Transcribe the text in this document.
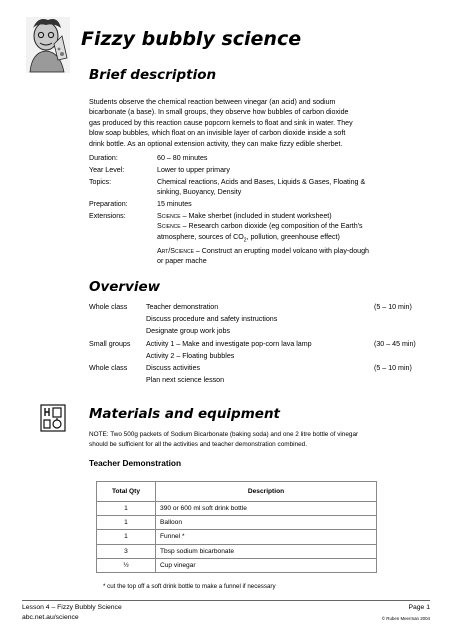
Fizzy bubbly science
Brief description
Students observe the chemical reaction between vinegar (an acid) and sodium
bicarbonate (a base). In small groups, they observe how bubbles of carbon dioxide
gas produced by this reaction cause popcorn kernels to float and sink in water. They
blow soap bubbles, which float on an invisible layer of carbon dioxide inside a soft
drink bottle. As an optional extension activity, they can make fizzy edible sherbet.
Duration:	60 – 80 minutes
Year Level:	Lower to upper primary
Topics:	Chemical reactions, Acids and Bases, Liquids & Gases, Floating &
sinking, Buoyancy, Density
Preparation:	15 minutes
Extensions:	Science – Make sherbet (included in student worksheet)
Science – Research carbon dioxide (eg composition of the Earth's
atmosphere, sources of $CO_2$, pollution, greenhouse effect)
Art/Science – Construct an erupting model volcano with play-dough
or paper mache
Overview
Whole class	Teacher demonstration	(5 – 10 min)
Discuss procedure and safety instructions
Designate group work jobs
Small groups Activity 1 – Make and investigate pop-corn lava lamp	(30 – 45 min)
Activity 2 – Floating bubbles
Whole class	Discuss activities	(5 – 10 min)
Plan next science lesson
Materials and equipment
NOTE: Two 500g packets of Sodium Bicarbonate (baking soda) and one 2 litre bottle of vinegar
should be sufficient for all the activities and teacher demonstration combined.
Teacher Demonstration
Total Qty	Description
1	390 or 600 ml soft drink bottle
1	Balloon
1	Funnel *
3	Tbsp sodium bicarbonate
½	Cup vinegar
* cut the top off a soft drink bottle to make a funnel if necessary
Lesson 4 – Fizzy Bubbly Science
abc.net.au/science
Page 1
© Ruben Meerman 2004
